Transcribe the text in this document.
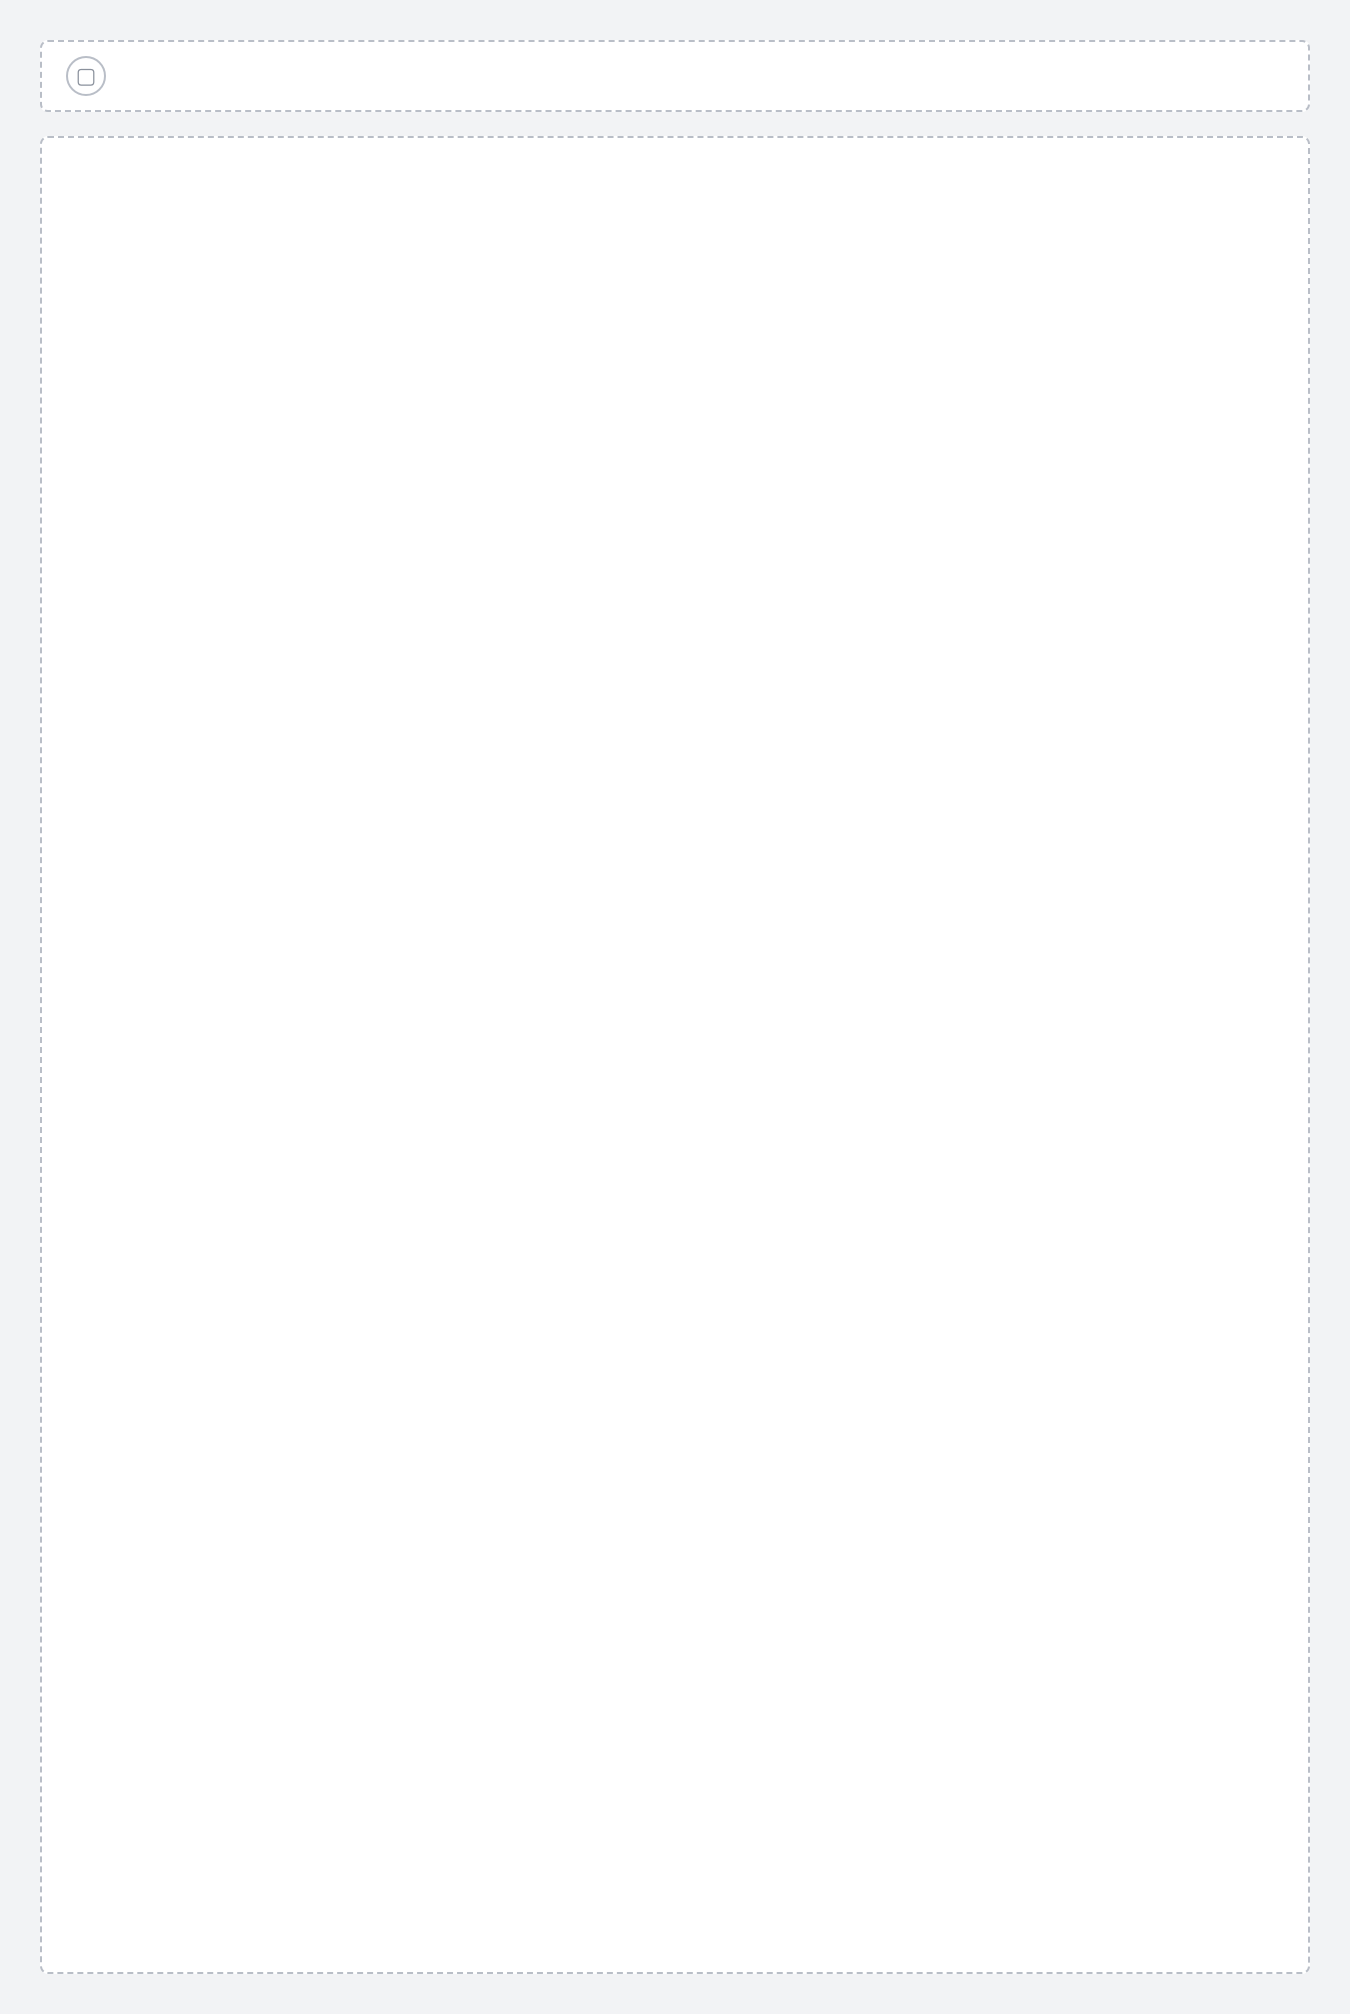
▢
